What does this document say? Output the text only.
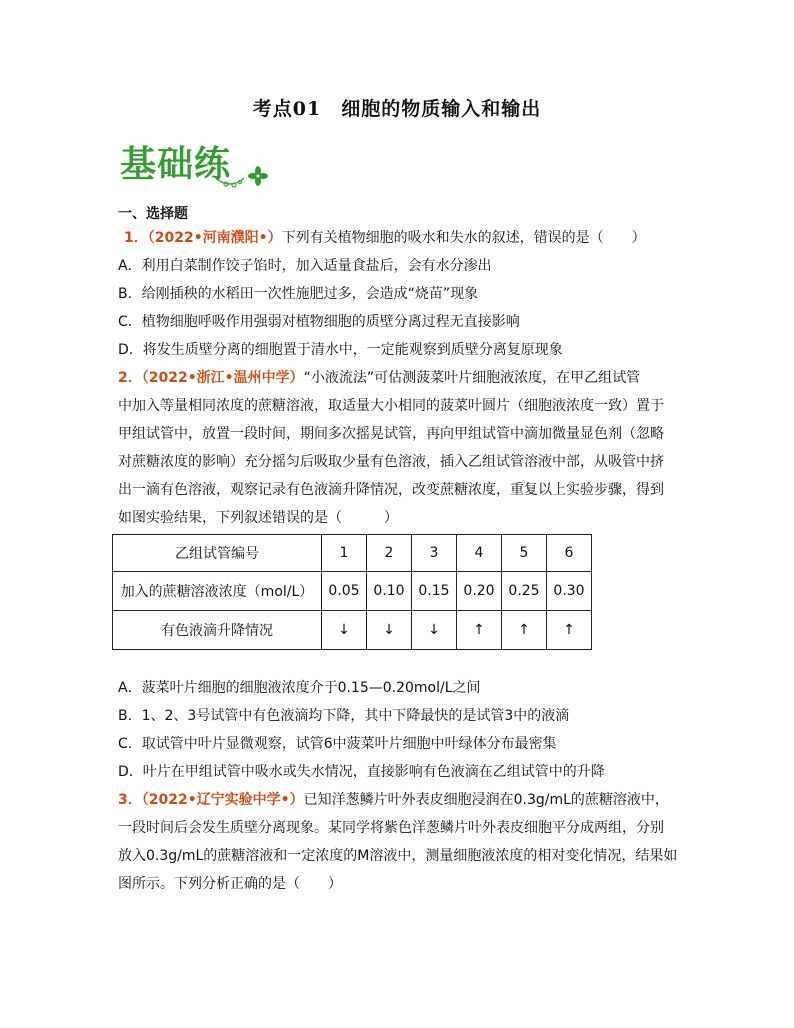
考点01　细胞的物质输入和输出
基础练
一、选择题
1．（2022•河南濮阳•）下列有关植物细胞的吸水和失水的叙述，错误的是（　　）
A．利用白菜制作饺子馅时，加入适量食盐后，会有水分渗出
B．给刚插秧的水稻田一次性施肥过多，会造成“烧苗”现象
C．植物细胞呼吸作用强弱对植物细胞的质壁分离过程无直接影响
D．将发生质壁分离的细胞置于清水中，一定能观察到质壁分离复原现象
2．（2022•浙江•温州中学）“小液流法”可估测菠菜叶片细胞液浓度，在甲乙组试管
中加入等量相同浓度的蔗糖溶液，取适量大小相同的菠菜叶圆片（细胞液浓度一致）置于
甲组试管中，放置一段时间，期间多次摇晃试管，再向甲组试管中滴加微量显色剂（忽略
对蔗糖浓度的影响）充分摇匀后吸取少量有色溶液，插入乙组试管溶液中部，从吸管中挤
出一滴有色溶液，观察记录有色液滴升降情况，改变蔗糖浓度，重复以上实验步骤，得到
如图实验结果，下列叙述错误的是（　　　）
乙组试管编号	1	2	3	4	5	6
加入的蔗糖溶液浓度（mol/L）	0.05	0.10	0.15	0.20	0.25	0.30
有色液滴升降情况	↓	↓	↓	↑	↑	↑
A．菠菜叶片细胞的细胞液浓度介于0.15—0.20mol/L之间
B．1、2、3号试管中有色液滴均下降，其中下降最快的是试管3中的液滴
C．取试管中叶片显微观察，试管6中菠菜叶片细胞中叶绿体分布最密集
D．叶片在甲组试管中吸水或失水情况，直接影响有色液滴在乙组试管中的升降
3．（2022•辽宁实验中学•）已知洋葱鳞片叶外表皮细胞浸润在0.3g/mL的蔗糖溶液中，
一段时间后会发生质壁分离现象。某同学将紫色洋葱鳞片叶外表皮细胞平分成两组，分别
放入0.3g/mL的蔗糖溶液和一定浓度的M溶液中，测量细胞液浓度的相对变化情况，结果如
图所示。下列分析正确的是（　　）
